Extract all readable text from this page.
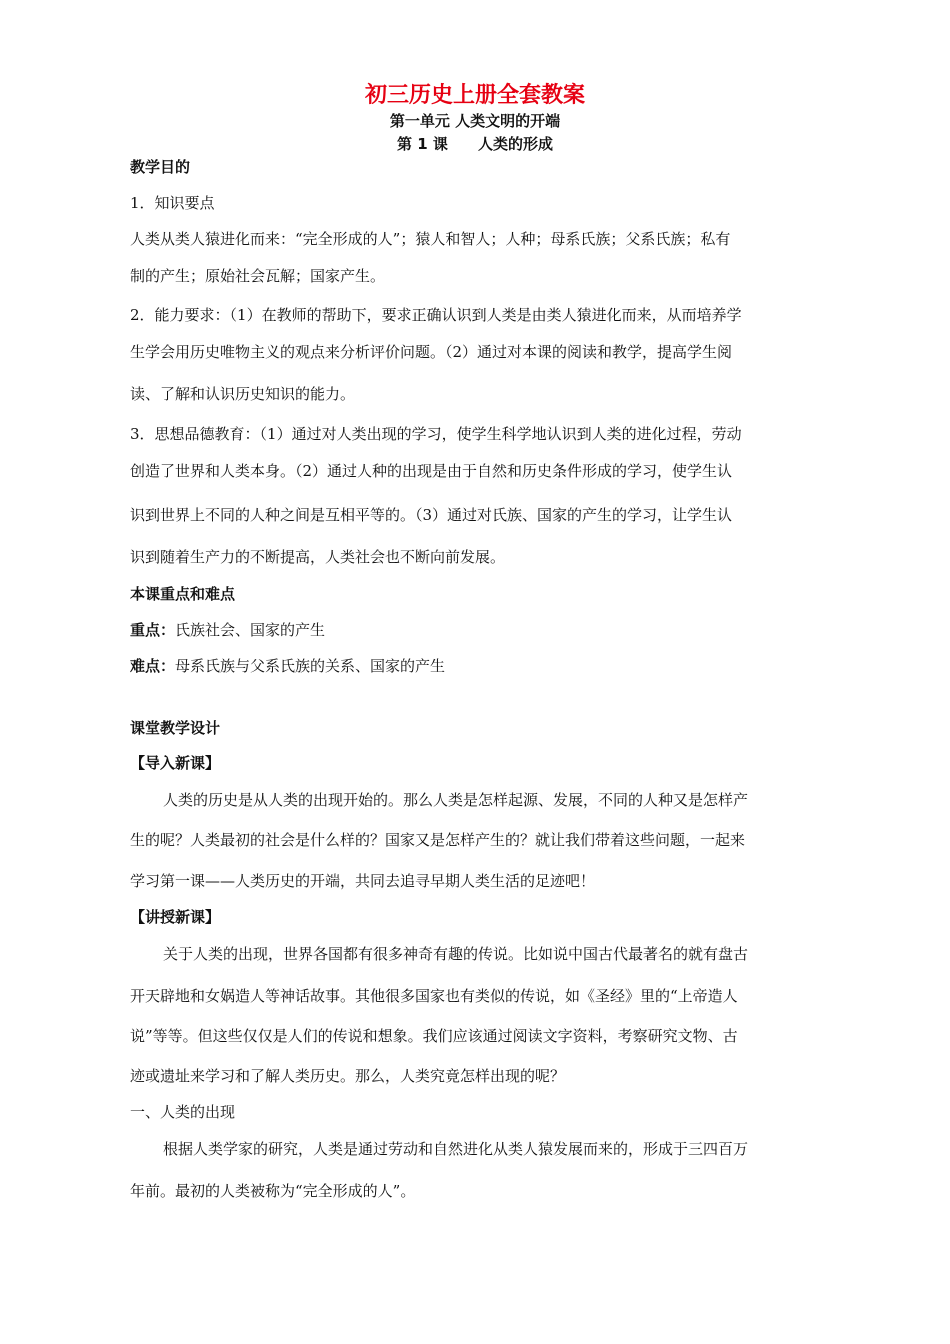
初三历史上册全套教案
第一单元 人类文明的开端
第 1 课 人类的形成
教学目的
1．知识要点
人类从类人猿进化而来：“完全形成的人”；猿人和智人；人种；母系氏族；父系氏族；私有
制的产生；原始社会瓦解；国家产生。
2．能力要求：（1）在教师的帮助下，要求正确认识到人类是由类人猿进化而来，从而培养学
生学会用历史唯物主义的观点来分析评价问题。（2）通过对本课的阅读和教学，提高学生阅
读、了解和认识历史知识的能力。
3．思想品德教育：（1）通过对人类出现的学习，使学生科学地认识到人类的进化过程，劳动
创造了世界和人类本身。（2）通过人种的出现是由于自然和历史条件形成的学习，使学生认
识到世界上不同的人种之间是互相平等的。（3）通过对氏族、国家的产生的学习，让学生认
识到随着生产力的不断提高，人类社会也不断向前发展。
本课重点和难点
重点：氏族社会、国家的产生
难点：母系氏族与父系氏族的关系、国家的产生
课堂教学设计
【导入新课】
人类的历史是从人类的出现开始的。那么人类是怎样起源、发展，不同的人种又是怎样产
生的呢？人类最初的社会是什么样的？国家又是怎样产生的？就让我们带着这些问题，一起来
学习第一课——人类历史的开端，共同去追寻早期人类生活的足迹吧！
【讲授新课】
关于人类的出现，世界各国都有很多神奇有趣的传说。比如说中国古代最著名的就有盘古
开天辟地和女娲造人等神话故事。其他很多国家也有类似的传说，如《圣经》里的“上帝造人
说”等等。但这些仅仅是人们的传说和想象。我们应该通过阅读文字资料，考察研究文物、古
迹或遗址来学习和了解人类历史。那么，人类究竟怎样出现的呢？
一、人类的出现
根据人类学家的研究，人类是通过劳动和自然进化从类人猿发展而来的，形成于三四百万
年前。最初的人类被称为“完全形成的人”。
